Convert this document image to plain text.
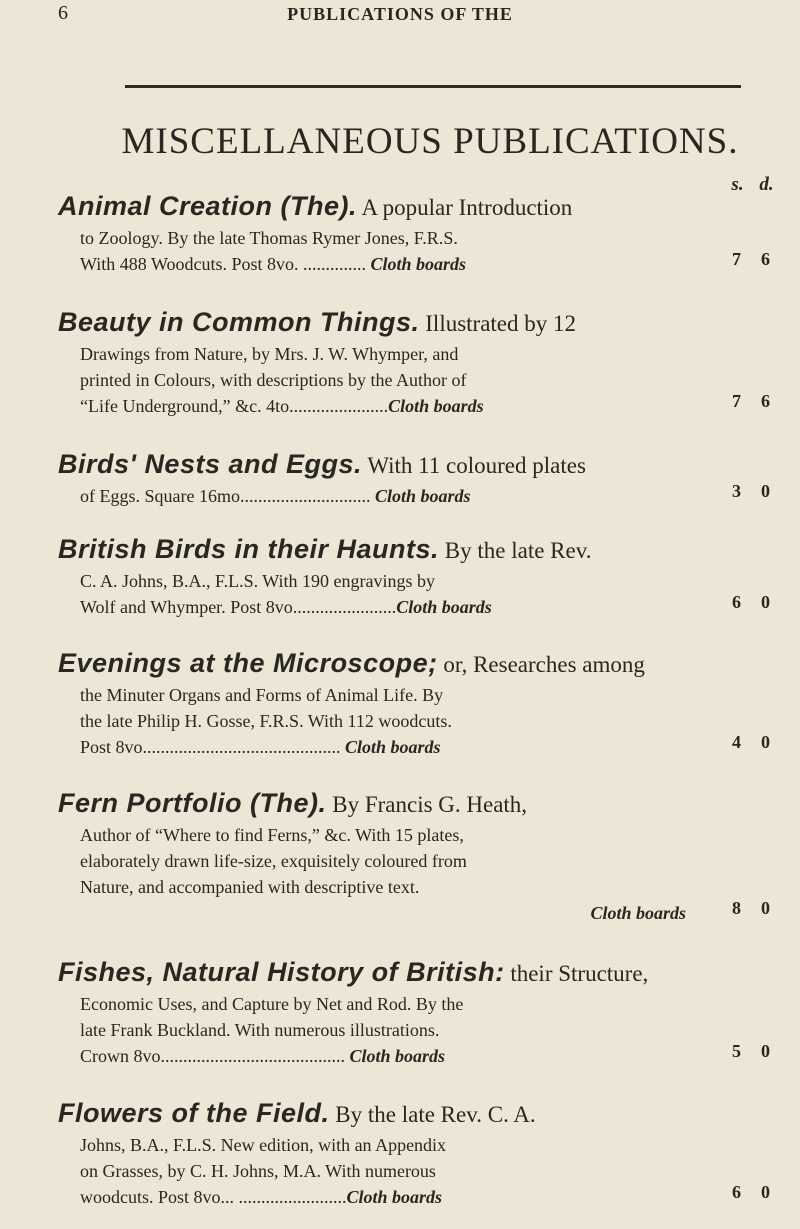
6	PUBLICATIONS OF THE
MISCELLANEOUS PUBLICATIONS.
s. d.
Animal Creation (The). A popular Introduction
to Zoology. By the late Thomas Rymer Jones, F.R.S.
With 488 Woodcuts. Post 8vo. .............. Cloth boards	7 6
Beauty in Common Things. Illustrated by 12
Drawings from Nature, by Mrs. J. W. Whymper, and
printed in Colours, with descriptions by the Author of
“Life Underground,” &c. 4to......................Cloth boards	7 6
Birds' Nests and Eggs. With 11 coloured plates
of Eggs. Square 16mo............................. Cloth boards	3 0
British Birds in their Haunts. By the late Rev.
C. A. Johns, B.A., F.L.S. With 190 engravings by
Wolf and Whymper. Post 8vo.......................Cloth boards	6 0
Evenings at the Microscope; or, Researches among
the Minuter Organs and Forms of Animal Life. By
the late Philip H. Gosse, F.R.S. With 112 woodcuts.
Post 8vo............................................ Cloth boards	4 0
Fern Portfolio (The). By Francis G. Heath,
Author of “Where to find Ferns,” &c. With 15 plates,
elaborately drawn life-size, exquisitely coloured from
Nature, and accompanied with descriptive text.
Cloth boards	8 0
Fishes, Natural History of British: their Structure,
Economic Uses, and Capture by Net and Rod. By the
late Frank Buckland. With numerous illustrations.
Crown 8vo......................................... Cloth boards	5 0
Flowers of the Field. By the late Rev. C. A.
Johns, B.A., F.L.S. New edition, with an Appendix
on Grasses, by C. H. Johns, M.A. With numerous
woodcuts. Post 8vo... ........................Cloth boards	6 0
